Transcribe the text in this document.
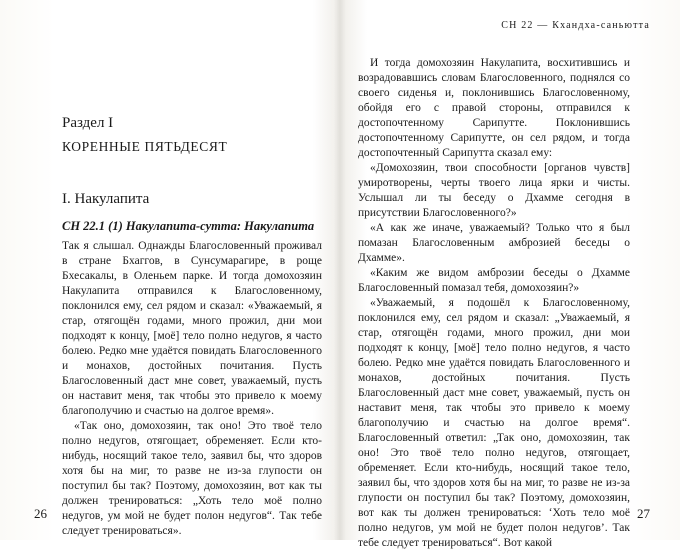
Раздел I
КОРЕННЫЕ ПЯТЬДЕСЯТ
I. Накулапита
СН 22.1 (1) Накулапита-сутта: Накулапита

Так я слышал. Однажды Благословенный проживал в стране Бхаггов, в Сунсумарагире, в роще Бхесакалы, в Оленьем парке. И тогда домохозяин Накулапита отправился к Благословенному, поклонился ему, сел рядом и сказал: «Уважаемый, я стар, отягощён годами, много прожил, дни мои подходят к концу, [моё] тело полно недугов, я часто болею. Редко мне удаётся повидать Благословенного и монахов, достойных почитания. Пусть Благословенный даст мне совет, уважаемый, пусть он наставит меня, так чтобы это привело к моему благополучию и счастью на долгое время».

«Так оно, домохозяин, так оно! Это твоё тело полно недугов, отягощает, обременяет. Если кто-нибудь, носящий такое тело, заявил бы, что здоров хотя бы на миг, то разве не из-за глупости он поступил бы так? Поэтому, домохозяин, вот как ты должен тренироваться: „Хоть тело моё полно недугов, ум мой не будет полон недугов“. Так тебе следует тренироваться».

26
СН 22 — Кхандха-саньютта

И тогда домохозяин Накулапита, восхитившись и возрадовавшись словам Благословенного, поднялся со своего сиденья и, поклонившись Благословенному, обойдя его с правой стороны, отправился к достопочтенному Сарипутте. Поклонившись достопочтенному Сарипутте, он сел рядом, и тогда достопочтенный Сарипутта сказал ему:

«Домохозяин, твои способности [органов чувств] умиротворены, черты твоего лица ярки и чисты. Услышал ли ты беседу о Дхамме сегодня в присутствии Благословенного?»

«А как же иначе, уважаемый? Только что я был помазан Благословенным амброзией беседы о Дхамме».

«Каким же видом амброзии беседы о Дхамме Благословенный помазал тебя, домохозяин?»

«Уважаемый, я подошёл к Благословенному, поклонился ему, сел рядом и сказал: „Уважаемый, я стар, отягощён годами, много прожил, дни мои подходят к концу, [моё] тело полно недугов, я часто болею. Редко мне удаётся повидать Благословенного и монахов, достойных почитания. Пусть Благословенный даст мне совет, уважаемый, пусть он наставит меня, так чтобы это привело к моему благополучию и счастью на долгое время“. Благословенный ответил: „Так оно, домохозяин, так оно! Это твоё тело полно недугов, отягощает, обременяет. Если кто-нибудь, носящий такое тело, заявил бы, что здоров хотя бы на миг, то разве не из-за глупости он поступил бы так? Поэтому, домохозяин, вот как ты должен тренироваться: ‘Хоть тело моё полно недугов, ум мой не будет полон недугов’. Так тебе следует тренироваться“. Вот какой

27
